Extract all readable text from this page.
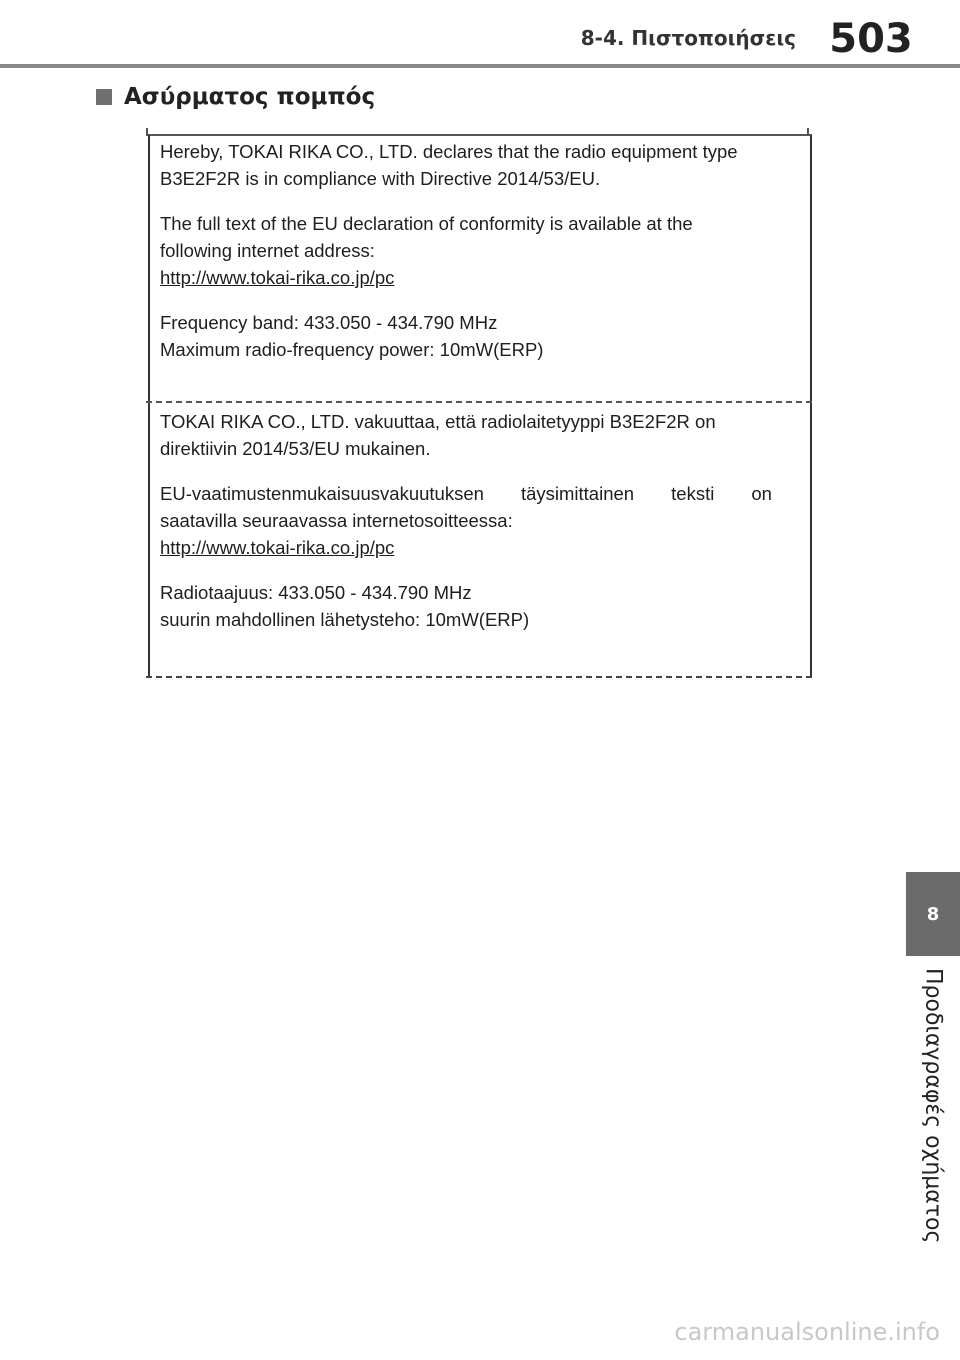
8-4. Πιστοποιήσεις 503
Ασύρματος πομπός
Hereby, TOKAI RIKA CO., LTD. declares that the radio equipment type
B3E2F2R is in compliance with Directive 2014/53/EU.
The full text of the EU declaration of conformity is available at the
following internet address:
http://www.tokai-rika.co.jp/pc
Frequency band: 433.050 - 434.790 MHz
Maximum radio-frequency power: 10mW(ERP)
TOKAI RIKA CO., LTD. vakuuttaa, että radiolaitetyyppi B3E2F2R on
direktiivin 2014/53/EU mukainen.
EU-vaatimustenmukaisuusvakuutuksen täysimittainen teksti on
saatavilla seuraavassa internetosoitteessa:
http://www.tokai-rika.co.jp/pc
Radiotaajuus: 433.050 - 434.790 MHz
suurin mahdollinen lähetysteho: 10mW(ERP)
8
Προδιαγραφές οχήματος
carmanualsonline.info
